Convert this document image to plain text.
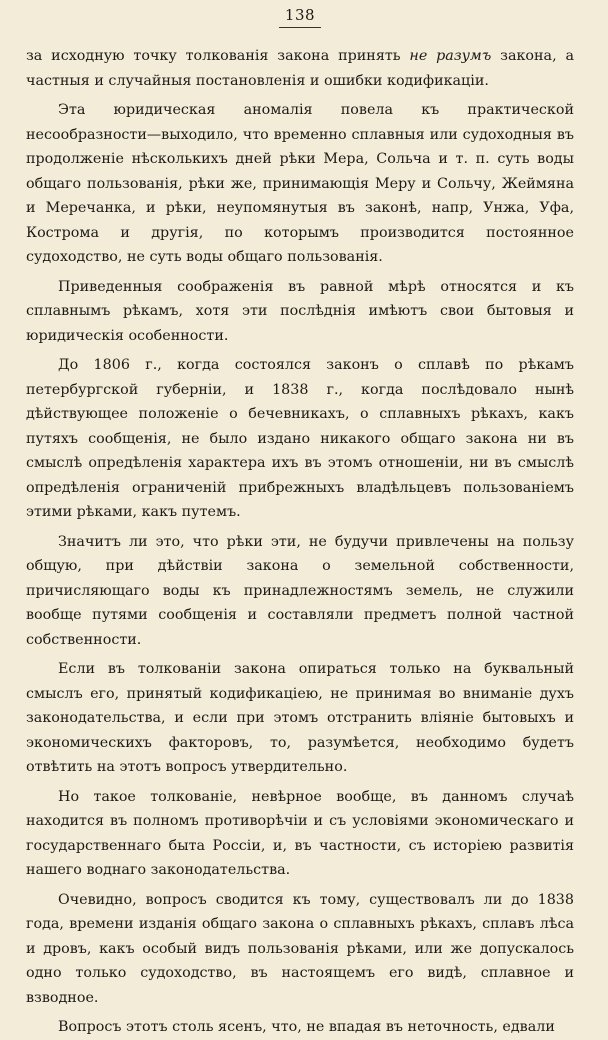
138

за исходную точку толкованія закона принять не разумъ закона, а частныя и случайныя постановленія и ошибки кодификаціи.

Эта юридическая аномалія повела къ практической несообразности—выходило, что временно сплавныя или судоходныя въ продолженіе нѣсколькихъ дней рѣки Мера, Сольча и т. п. суть воды общаго пользованія, рѣки же, принимающія Меру и Сольчу, Жеймяна и Меречанка, и рѣки, неупомянутыя въ законѣ, напр, Унжа, Уфа, Кострома и другія, по которымъ производится постоянное судоходство, не суть воды общаго пользованія.

Приведенныя соображенія въ равной мѣрѣ относятся и къ сплавнымъ рѣкамъ, хотя эти послѣднія имѣютъ свои бытовыя и юридическія особенности.

До 1806 г., когда состоялся законъ о сплавѣ по рѣкамъ петербургской губерніи, и 1838 г., когда послѣдовало нынѣ дѣйствующее положеніе о бечевникахъ, о сплавныхъ рѣкахъ, какъ путяхъ сообщенія, не было издано никакого общаго закона ни въ смыслѣ опредѣленія характера ихъ въ этомъ отношеніи, ни въ смыслѣ опредѣленія ограниченій прибрежныхъ владѣльцевъ пользованіемъ этими рѣками, какъ путемъ.

Значитъ ли это, что рѣки эти, не будучи привлечены на пользу общую, при дѣйствіи закона о земельной собственности, причисляющаго воды къ принадлежностямъ земель, не служили вообще путями сообщенія и составляли предметъ полной частной собственности.

Если въ толкованіи закона опираться только на буквальный смыслъ его, принятый кодификаціею, не принимая во вниманіе духъ законодательства, и если при этомъ отстранить вліяніе бытовыхъ и экономическихъ факторовъ, то, разумѣется, необходимо будетъ отвѣтить на этотъ вопросъ утвердительно.

Но такое толкованіе, невѣрное вообще, въ данномъ случаѣ находится въ полномъ противорѣчіи и съ условіями экономическаго и государственнаго быта Россіи, и, въ частности, съ исторіею развитія нашего воднаго законодательства.

Очевидно, вопросъ сводится къ тому, существовалъ ли до 1838 года, времени изданія общаго закона о сплавныхъ рѣкахъ, сплавъ лѣса и дровъ, какъ особый видъ пользованія рѣками, или же допускалось одно только судоходство, въ настоящемъ его видѣ, сплавное и взводное.

Вопросъ этотъ столь ясенъ, что, не впадая въ неточность, едвали
